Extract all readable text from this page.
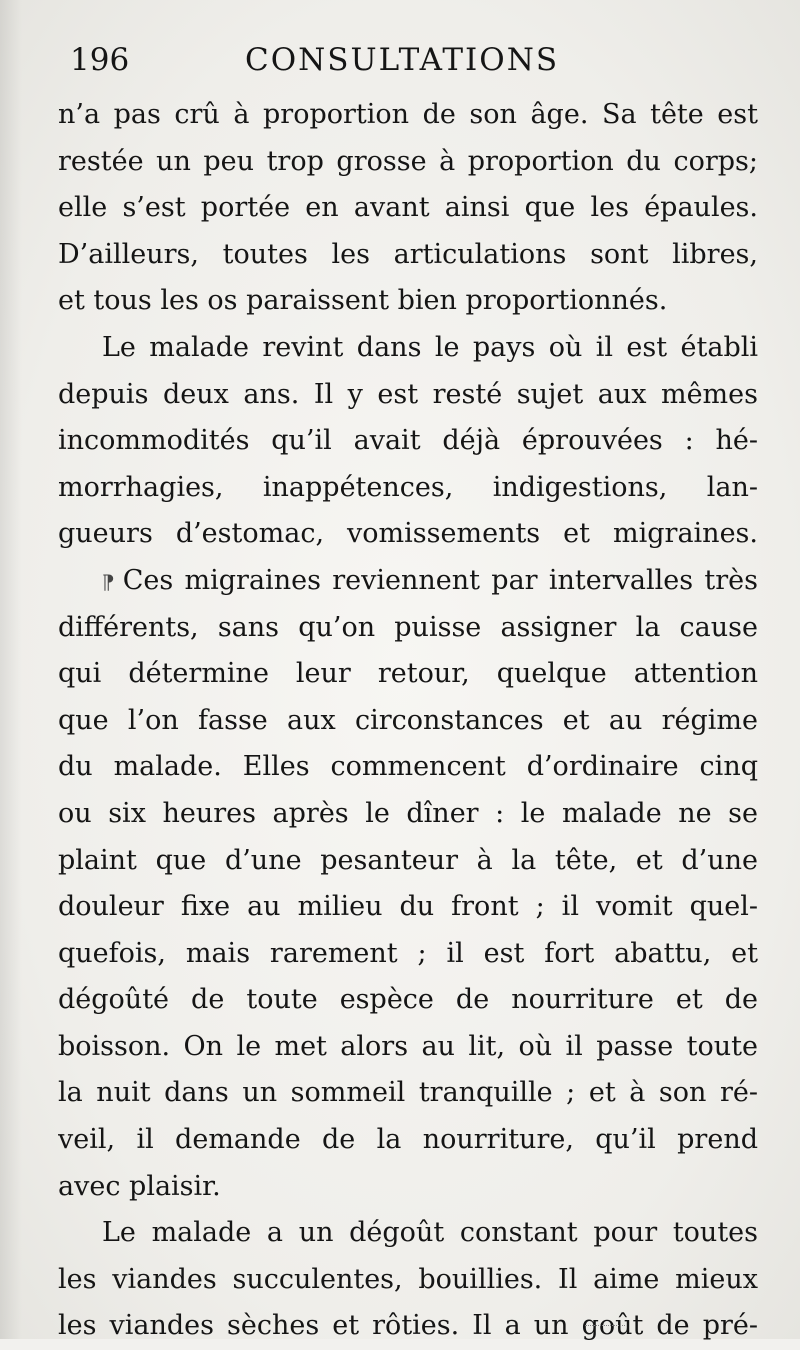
196	CONSULTATIONS
n’a pas crû à proportion de son âge. Sa tête est
restée un peu trop grosse à proportion du corps;
elle s’est portée en avant ainsi que les épaules.
D’ailleurs, toutes les articulations sont libres,
et tous les os paraissent bien proportionnés.
Le malade revint dans le pays où il est établi
depuis deux ans. Il y est resté sujet aux mêmes
incommodités qu’il avait déjà éprouvées : hé-
morrhagies, inappétences, indigestions, lan-
gueurs d’estomac, vomissements et migraines.
⁋ Ces migraines reviennent par intervalles très
différents, sans qu’on puisse assigner la cause
qui détermine leur retour, quelque attention
que l’on fasse aux circonstances et au régime
du malade. Elles commencent d’ordinaire cinq
ou six heures après le dîner : le malade ne se
plaint que d’une pesanteur à la tête, et d’une
douleur fixe au milieu du front ; il vomit quel-
quefois, mais rarement ; il est fort abattu, et
dégoûté de toute espèce de nourriture et de
boisson. On le met alors au lit, où il passe toute
la nuit dans un sommeil tranquille ; et à son ré-
veil, il demande de la nourriture, qu’il prend
avec plaisir.
Le malade a un dégoût constant pour toutes
les viandes succulentes, bouillies. Il aime mieux
les viandes sèches et rôties. Il a un goût de pré-
